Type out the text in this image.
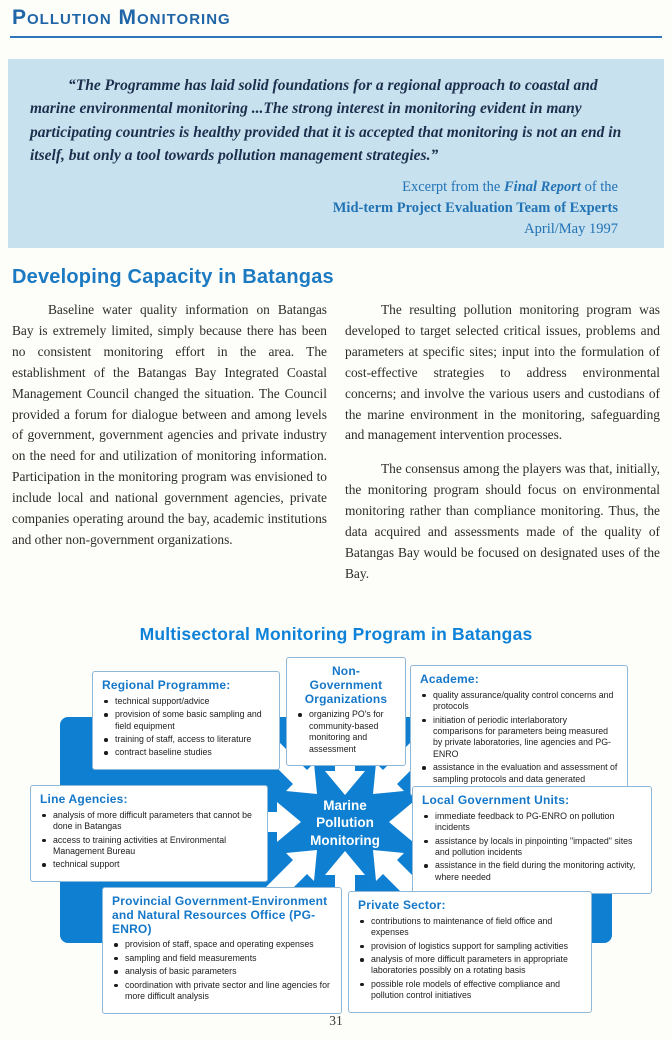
Pollution Monitoring
“The Programme has laid solid foundations for a regional approach to coastal and marine environmental monitoring ...The strong interest in monitoring evident in many participating countries is healthy provided that it is accepted that monitoring is not an end in itself, but only a tool towards pollution management strategies.”
Excerpt from the Final Report of the
Mid-term Project Evaluation Team of Experts
April/May 1997
Developing Capacity in Batangas

Baseline water quality information on Batangas Bay is extremely limited, simply because there has been no consistent monitoring effort in the area. The establishment of the Batangas Bay Integrated Coastal Management Council changed the situation. The Council provided a forum for dialogue between and among levels of government, government agencies and private industry on the need for and utilization of monitoring information. Participation in the monitoring program was envisioned to include local and national government agencies, private companies operating around the bay, academic institutions and other non-government organizations.

The resulting pollution monitoring program was developed to target selected critical issues, problems and parameters at specific sites; input into the formulation of cost-effective strategies to address environmental concerns; and involve the various users and custodians of the marine environment in the monitoring, safeguarding and management intervention processes.

The consensus among the players was that, initially, the monitoring program should focus on environmental monitoring rather than compliance monitoring. Thus, the data acquired and assessments made of the quality of Batangas Bay would be focused on designated uses of the Bay.

Multisectoral Monitoring Program in Batangas
Marine
Pollution
Monitoring
Regional Programme:
technical support/advice
provision of some basic sampling and field equipment
training of staff, access to literature
contract baseline studies
Non-Government Organizations
organizing PO's for community-based monitoring and assessment
Academe:
quality assurance/quality control concerns and protocols
initiation of periodic interlaboratory comparisons for parameters being measured by private laboratories, line agencies and PG-ENRO
assistance in the evaluation and assessment of sampling protocols and data generated
Line Agencies:
analysis of more difficult parameters that cannot be done in Batangas
access to training activities at Environmental Management Bureau
technical support
Local Government Units:
immediate feedback to PG-ENRO on pollution incidents
assistance by locals in pinpointing "impacted" sites and pollution incidents
assistance in the field during the monitoring activity, where needed
Provincial Government-Environment and Natural Resources Office (PG-ENRO)
provision of staff, space and operating expenses
sampling and field measurements
analysis of basic parameters
coordination with private sector and line agencies for more difficult analysis
Private Sector:
contributions to maintenance of field office and expenses
provision of logistics support for sampling activities
analysis of more difficult parameters in appropriate laboratories possibly on a rotating basis
possible role models of effective compliance and pollution control initiatives
31
